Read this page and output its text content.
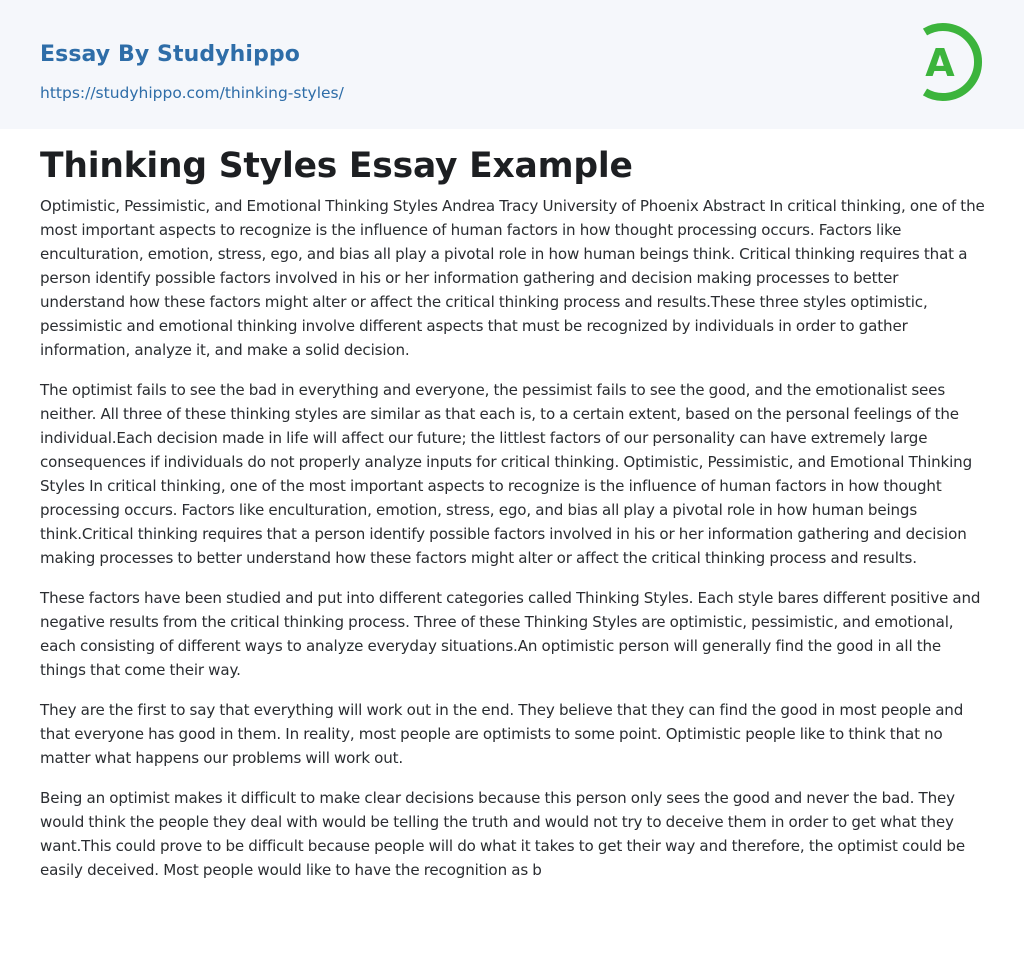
Essay By Studyhippo
https://studyhippo.com/thinking-styles/
A
Thinking Styles Essay Example

Optimistic, Pessimistic, and Emotional Thinking Styles Andrea Tracy University of Phoenix Abstract In critical thinking, one of the most important aspects to recognize is the influence of human factors in how thought processing occurs. Factors like enculturation, emotion, stress, ego, and bias all play a pivotal role in how human beings think. Critical thinking requires that a person identify possible factors involved in his or her information gathering and decision making processes to better understand how these factors might alter or affect the critical thinking process and results.These three styles optimistic, pessimistic and emotional thinking involve different aspects that must be recognized by individuals in order to gather information, analyze it, and make a solid decision.

The optimist fails to see the bad in everything and everyone, the pessimist fails to see the good, and the emotionalist sees neither. All three of these thinking styles are similar as that each is, to a certain extent, based on the personal feelings of the individual.Each decision made in life will affect our future; the littlest factors of our personality can have extremely large consequences if individuals do not properly analyze inputs for critical thinking. Optimistic, Pessimistic, and Emotional Thinking Styles In critical thinking, one of the most important aspects to recognize is the influence of human factors in how thought processing occurs. Factors like enculturation, emotion, stress, ego, and bias all play a pivotal role in how human beings think.Critical thinking requires that a person identify possible factors involved in his or her information gathering and decision making processes to better understand how these factors might alter or affect the critical thinking process and results.

These factors have been studied and put into different categories called Thinking Styles. Each style bares different positive and negative results from the critical thinking process. Three of these Thinking Styles are optimistic, pessimistic, and emotional, each consisting of different ways to analyze everyday situations.An optimistic person will generally find the good in all the things that come their way.

They are the first to say that everything will work out in the end. They believe that they can find the good in most people and that everyone has good in them. In reality, most people are optimists to some point. Optimistic people like to think that no matter what happens our problems will work out.

Being an optimist makes it difficult to make clear decisions because this person only sees the good and never the bad. They would think the people they deal with would be telling the truth and would not try to deceive them in order to get what they want.This could prove to be difficult because people will do what it takes to get their way and therefore, the optimist could be easily deceived. Most people would like to have the recognition as b
